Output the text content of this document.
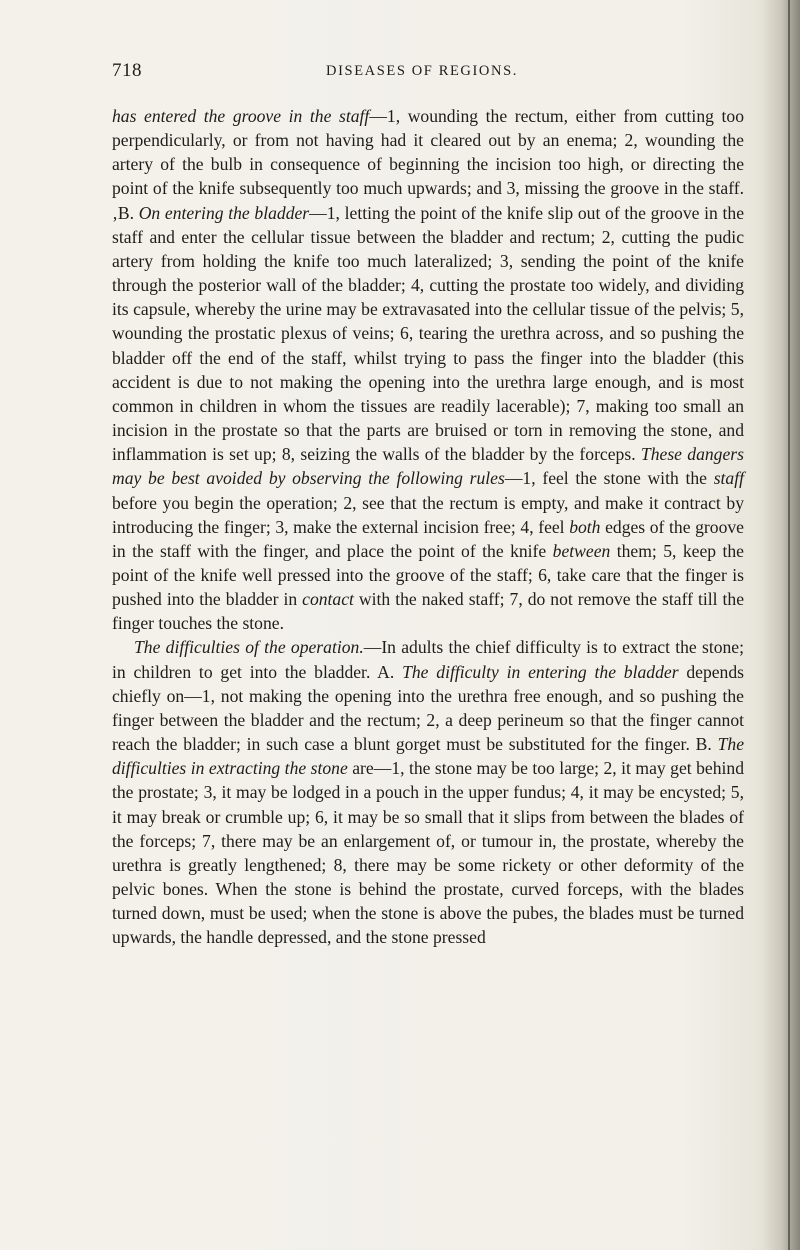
718	DISEASES OF REGIONS.

has entered the groove in the staff—1, wounding the rectum, either from cutting too perpendicularly, or from not having had it cleared out by an enema; 2, wounding the artery of the bulb in consequence of beginning the incision too high, or directing the point of the knife subsequently too much upwards; and 3, missing the groove in the staff. ‚B. On entering the bladder—1, letting the point of the knife slip out of the groove in the staff and enter the cellular tissue between the bladder and rectum; 2, cutting the pudic artery from holding the knife too much lateralized; 3, sending the point of the knife through the posterior wall of the bladder; 4, cutting the prostate too widely, and dividing its capsule, whereby the urine may be extravasated into the cellular tissue of the pelvis; 5, wounding the prostatic plexus of veins; 6, tearing the urethra across, and so pushing the bladder off the end of the staff, whilst trying to pass the finger into the bladder (this accident is due to not making the opening into the urethra large enough, and is most common in children in whom the tissues are readily lacerable); 7, making too small an incision in the prostate so that the parts are bruised or torn in removing the stone, and inflammation is set up; 8, seizing the walls of the bladder by the forceps. These dangers may be best avoided by observing the following rules—1, feel the stone with the staff before you begin the operation; 2, see that the rectum is empty, and make it contract by introducing the finger; 3, make the external incision free; 4, feel both edges of the groove in the staff with the finger, and place the point of the knife between them; 5, keep the point of the knife well pressed into the groove of the staff; 6, take care that the finger is pushed into the bladder in contact with the naked staff; 7, do not remove the staff till the finger touches the stone.

The difficulties of the operation.—In adults the chief difficulty is to extract the stone; in children to get into the bladder. A. The difficulty in entering the bladder depends chiefly on—1, not making the opening into the urethra free enough, and so pushing the finger between the bladder and the rectum; 2, a deep perineum so that the finger cannot reach the bladder; in such case a blunt gorget must be substituted for the finger. B. The difficulties in extracting the stone are—1, the stone may be too large; 2, it may get behind the prostate; 3, it may be lodged in a pouch in the upper fundus; 4, it may be encysted; 5, it may break or crumble up; 6, it may be so small that it slips from between the blades of the forceps; 7, there may be an enlargement of, or tumour in, the prostate, whereby the urethra is greatly lengthened; 8, there may be some rickety or other deformity of the pelvic bones. When the stone is behind the prostate, curved forceps, with the blades turned down, must be used; when the stone is above the pubes, the blades must be turned upwards, the handle depressed, and the stone pressed
